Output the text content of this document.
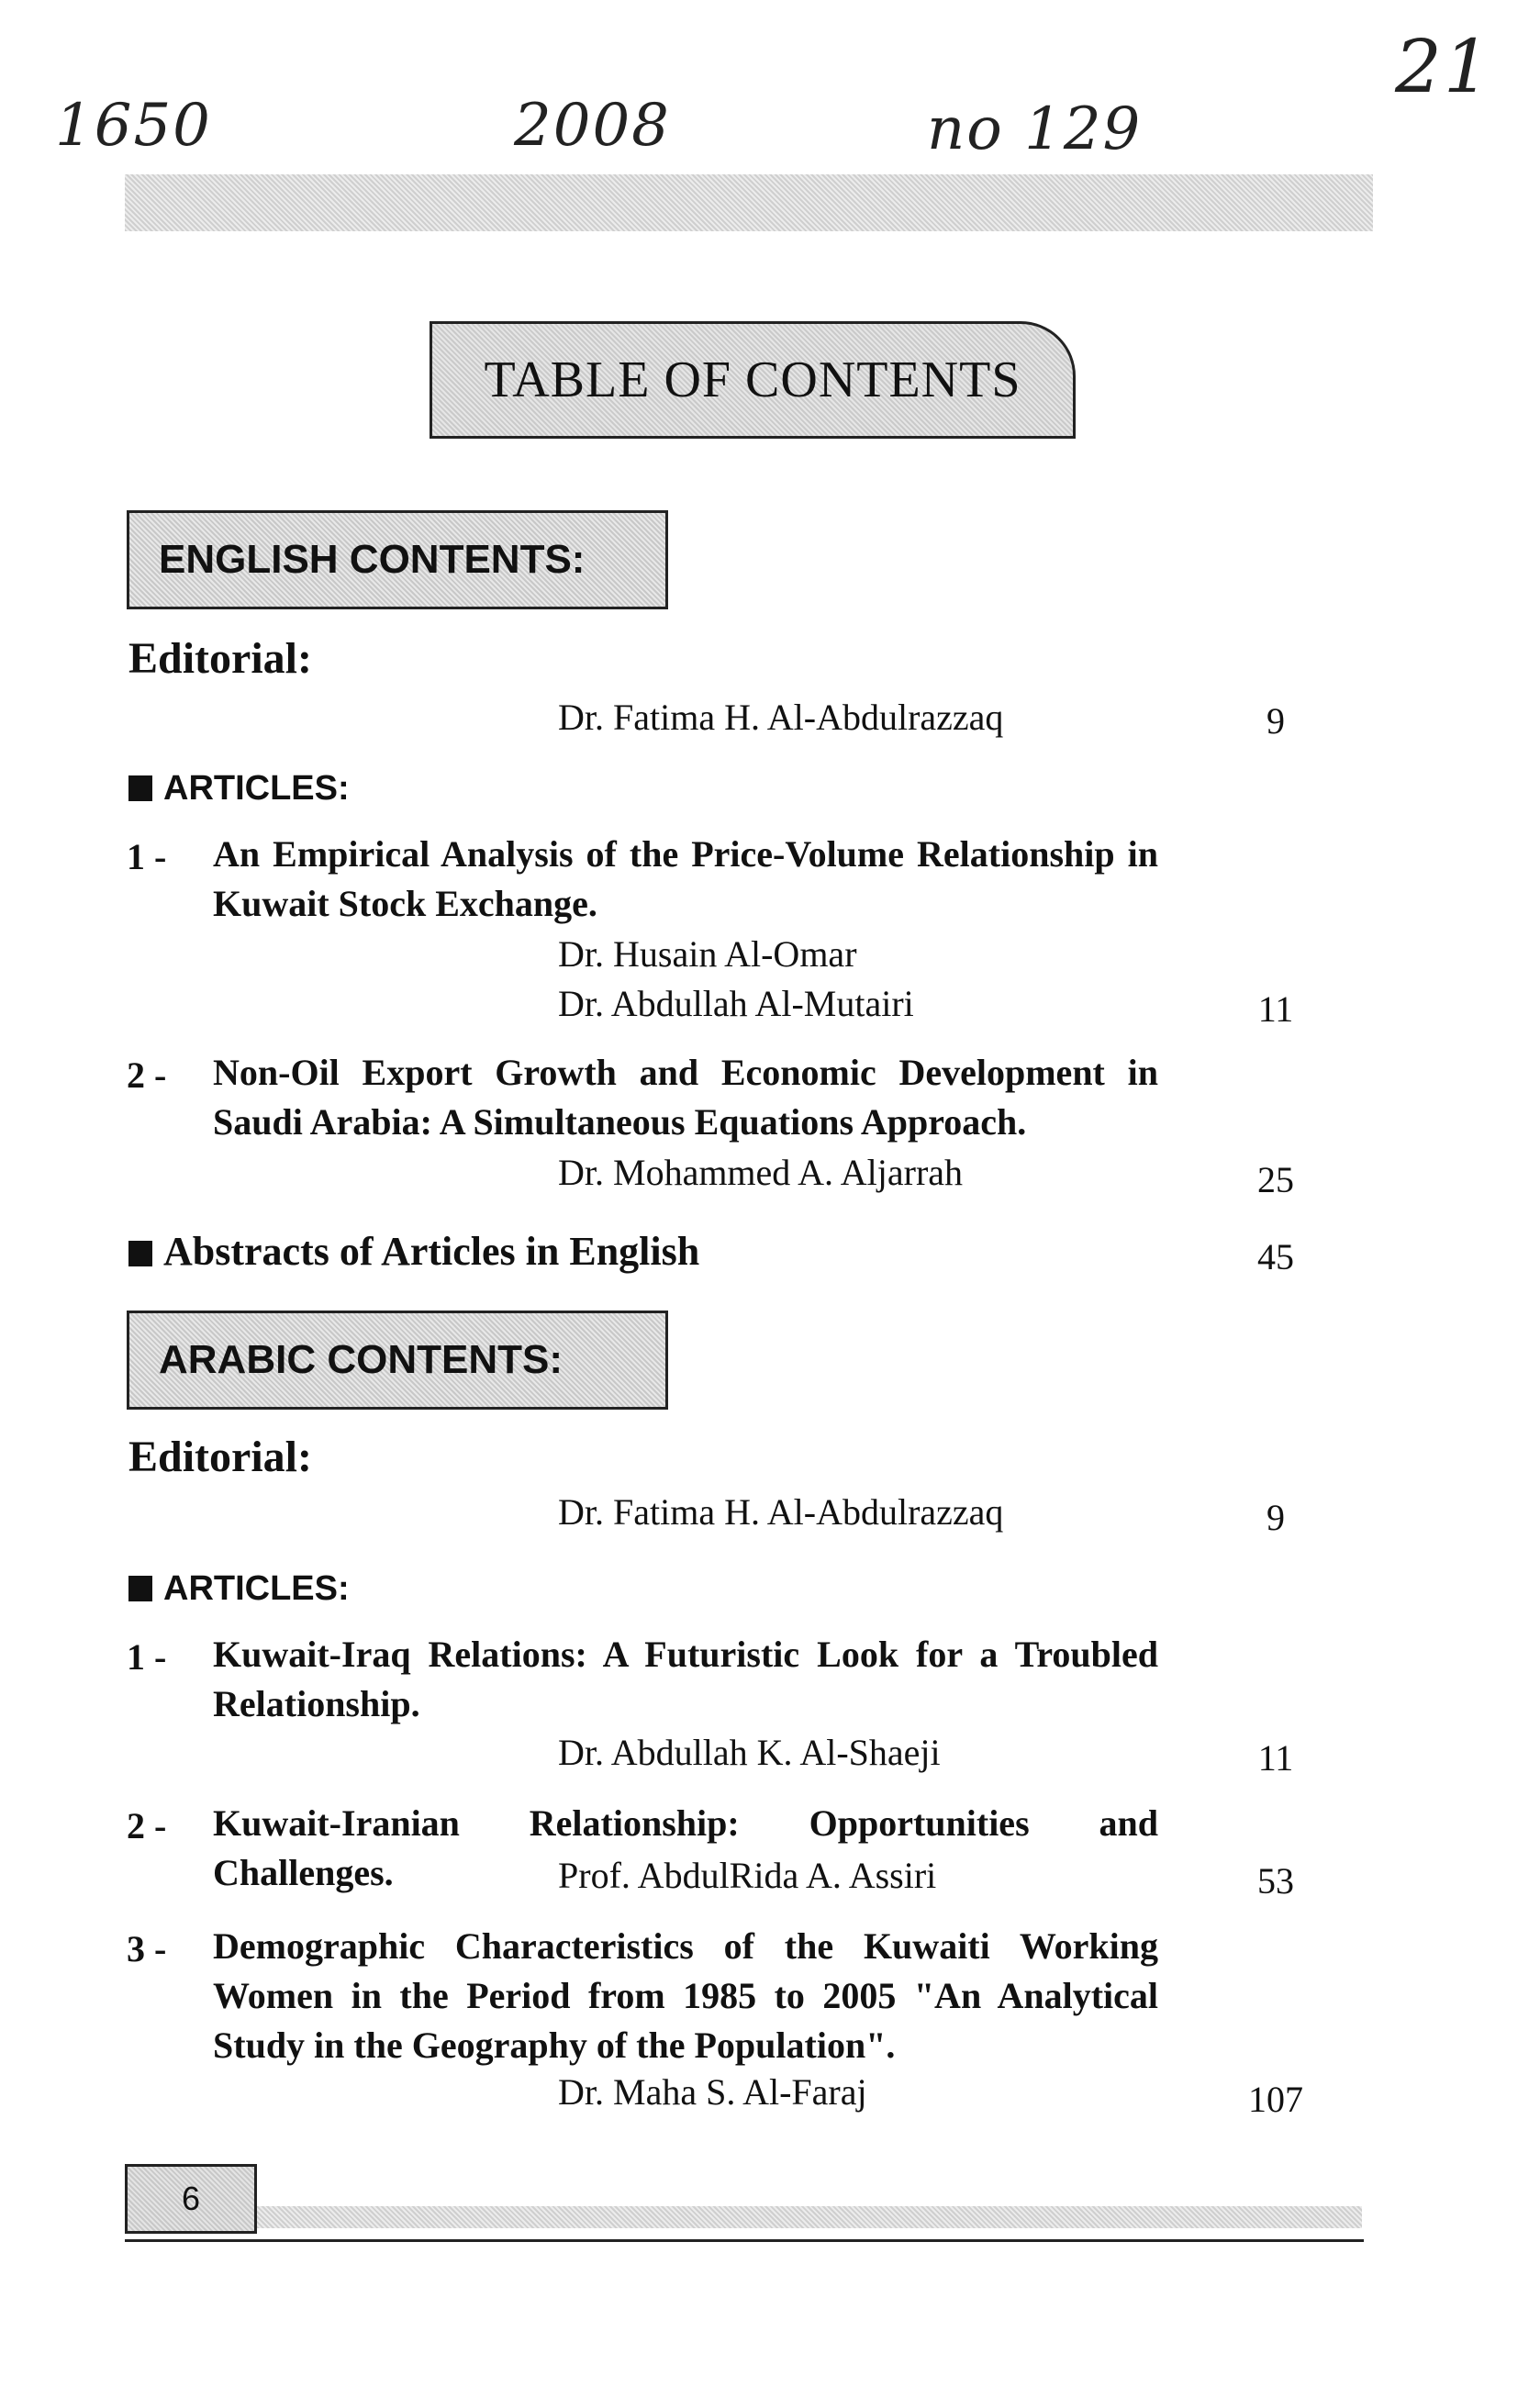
1650	2008	no 129
21
TABLE OF CONTENTS
ENGLISH CONTENTS:
Editorial:
Dr. Fatima H. Al-Abdulrazzaq	9
ARTICLES:
1 - An Empirical Analysis of the Price-Volume Relationship in Kuwait Stock Exchange.
Dr. Husain Al-Omar
Dr. Abdullah Al-Mutairi	11
2 - Non-Oil Export Growth and Economic Development in Saudi Arabia: A Simultaneous Equations Approach.
Dr. Mohammed A. Aljarrah	25
Abstracts of Articles in English	45
ARABIC CONTENTS:
Editorial:
Dr. Fatima H. Al-Abdulrazzaq	9
ARTICLES:
1 - Kuwait-Iraq Relations: A Futuristic Look for a Troubled Relationship.
Dr. Abdullah K. Al-Shaeji	11
2 - Kuwait-Iranian Relationship: Opportunities and Challenges.	Prof. AbdulRida A. Assiri	53
3 - Demographic Characteristics of the Kuwaiti Working Women in the Period from 1985 to 2005 "An Analytical Study in the Geography of the Population".
Dr. Maha S. Al-Faraj	107
6
